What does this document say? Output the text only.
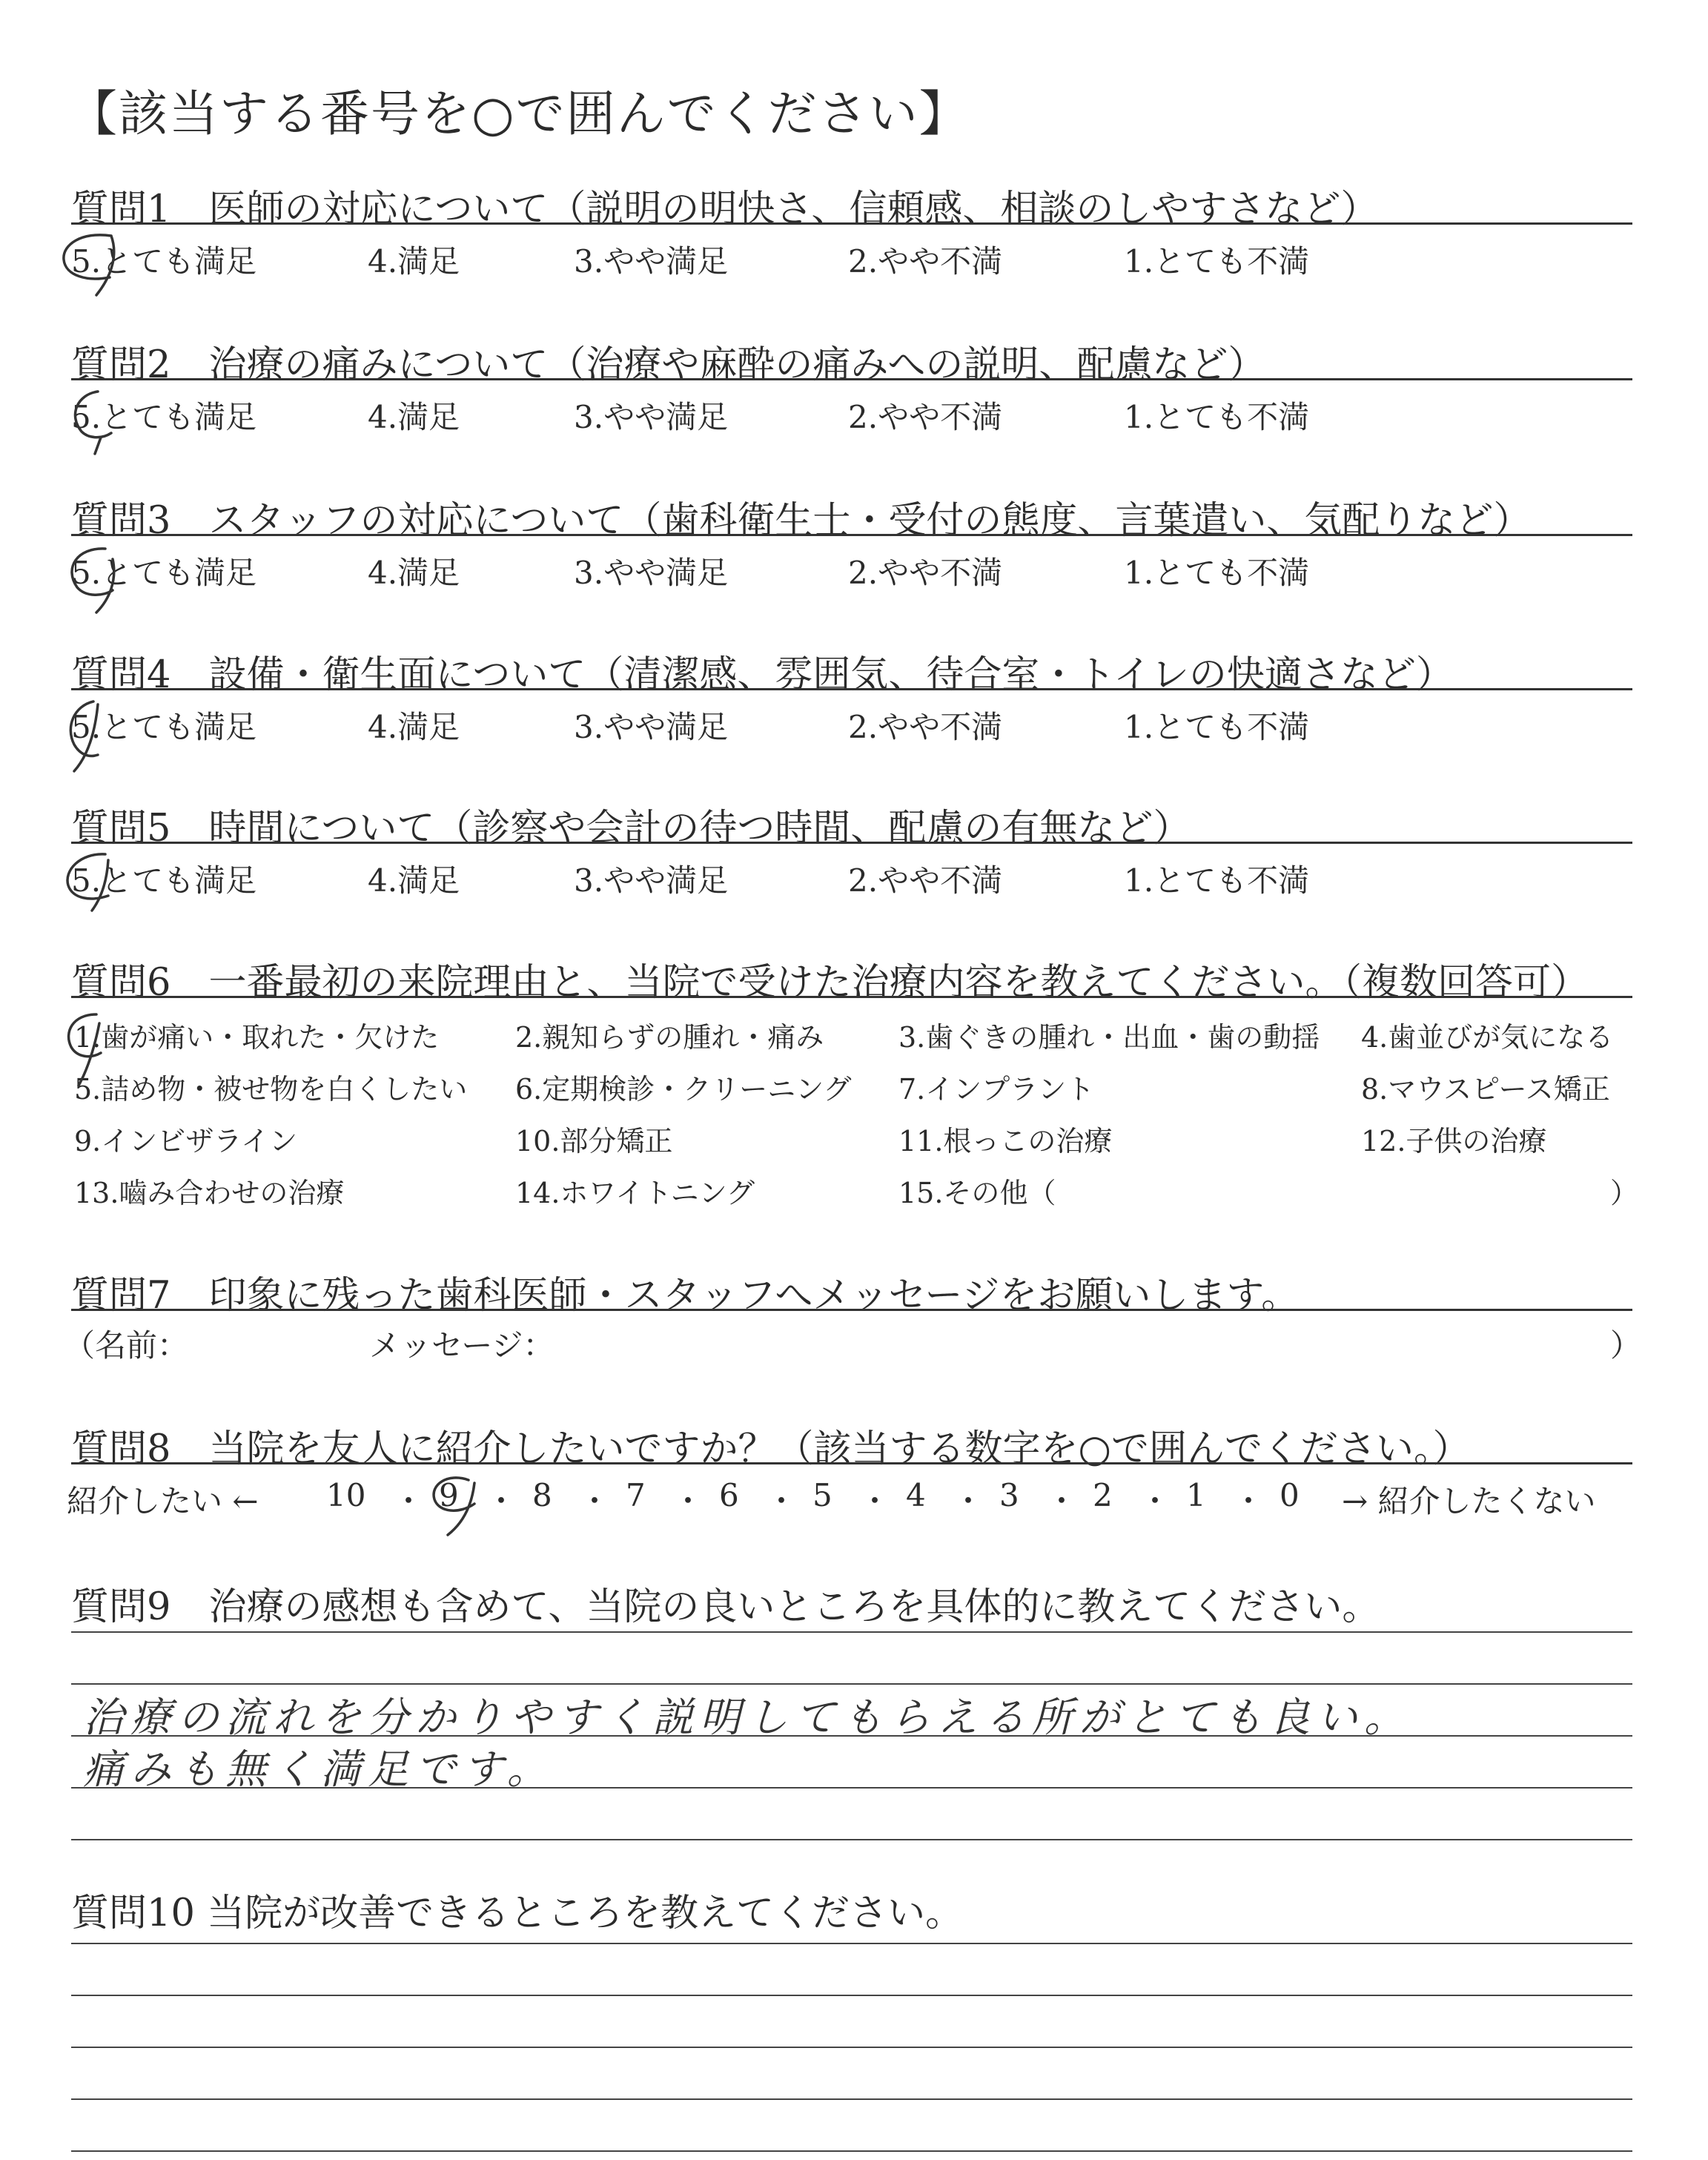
【該当する番号を○で囲んでください】
質問1　医師の対応について（説明の明快さ、信頼感、相談のしやすさなど）
5.とても満足	4.満足	3.やや満足	2.やや不満	1.とても不満
質問2　治療の痛みについて（治療や麻酔の痛みへの説明、配慮など）
5.とても満足	4.満足	3.やや満足	2.やや不満	1.とても不満
質問3　スタッフの対応について（歯科衛生士・受付の態度、言葉遣い、気配りなど）
5.とても満足	4.満足	3.やや満足	2.やや不満	1.とても不満
質問4　設備・衛生面について（清潔感、雰囲気、待合室・トイレの快適さなど）
5.とても満足	4.満足	3.やや満足	2.やや不満	1.とても不満
質問5　時間について（診察や会計の待つ時間、配慮の有無など）
5.とても満足	4.満足	3.やや満足	2.やや不満	1.とても不満
質問6　一番最初の来院理由と、当院で受けた治療内容を教えてください。（複数回答可）
1.歯が痛い・取れた・欠けた	2.親知らずの腫れ・痛み	3.歯ぐきの腫れ・出血・歯の動揺 4.歯並びが気になる
5.詰め物・被せ物を白くしたい 6.定期検診・クリーニング 7.インプラント	8.マウスピース矯正
9.インビザライン	10.部分矯正	11.根っこの治療	12.子供の治療
13.嚙み合わせの治療	14.ホワイトニング	15.その他（	）
質問7　印象に残った歯科医師・スタッフへメッセージをお願いします。
（名前：	メッセージ：	）
質問8　当院を友人に紹介したいですか？（該当する数字を○で囲んでください。）
紹介したい ←	→ 紹介したくない
10 ・ 9 ・ 8 ・ 7 ・ 6 ・ 5 ・ 4 ・ 3 ・ 2 ・ 1 ・ 0
質問9　治療の感想も含めて、当院の良いところを具体的に教えてください。
治療の流れを分かりやすく説明してもらえる所がとても良い。
痛みも無く満足です。
質問10 当院が改善できるところを教えてください。
